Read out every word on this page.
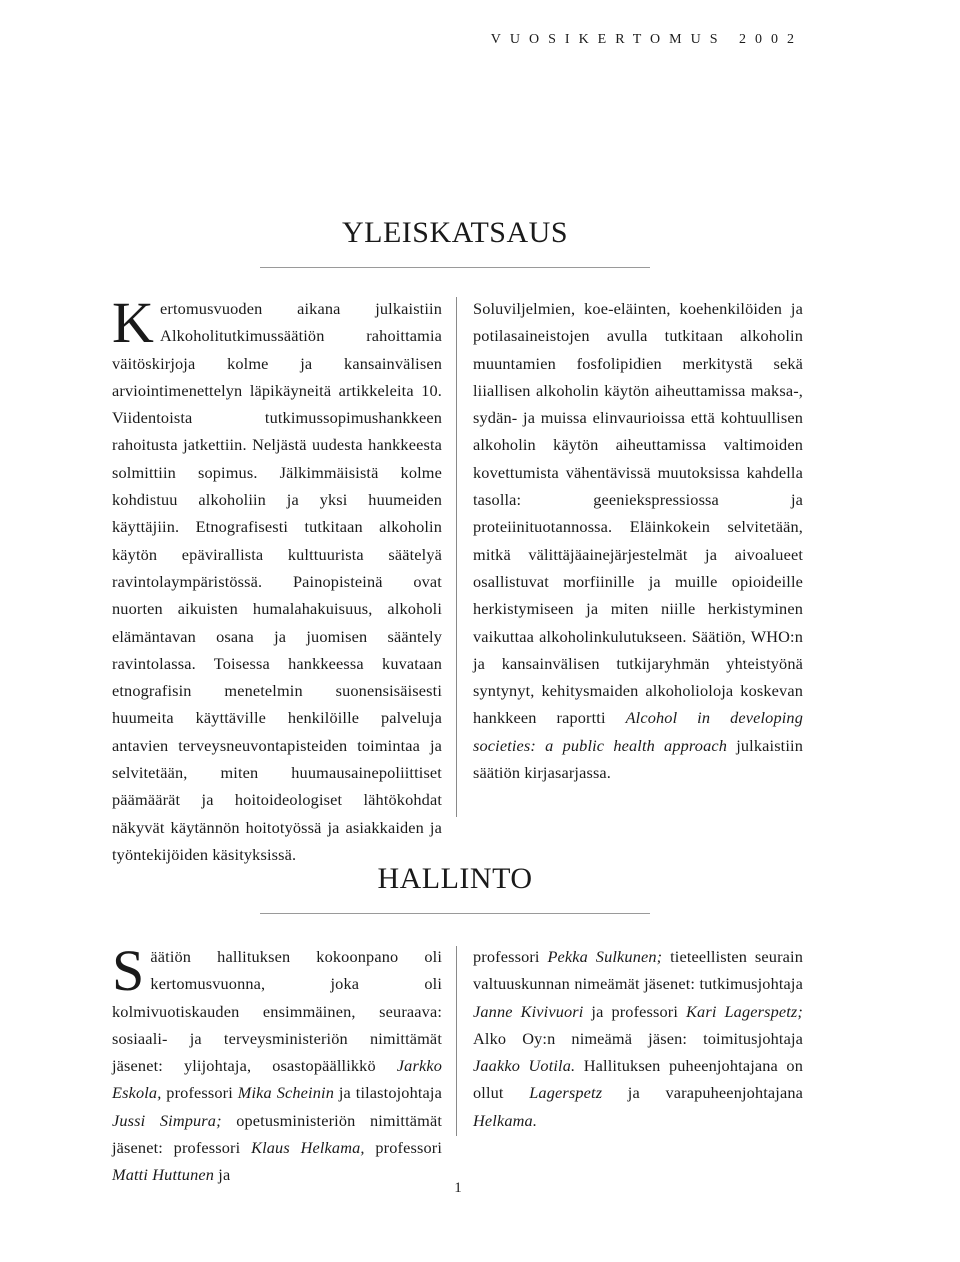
VUOSIKERTOMUS 2002
YLEISKATSAUS
Kertomusvuoden aikana julkaistiin Alkoholitutkimussäätiön rahoittamia väitöskirjoja kolme ja kansainvälisen arviointimenettelyn läpikäyneitä artikkeleita 10. Viidentoista tutkimussopimushankkeen rahoitusta jatkettiin. Neljästä uudesta hankkeesta solmittiin sopimus. Jälkimmäisistä kolme kohdistuu alkoholiin ja yksi huumeiden käyttäjiin. Etnografisesti tutkitaan alkoholin käytön epävirallista kulttuurista säätelyä ravintolaympäristössä. Painopisteinä ovat nuorten aikuisten humalahakuisuus, alkoholi elämäntavan osana ja juomisen sääntely ravintolassa. Toisessa hankkeessa kuvataan etnografisin menetelmin suonensisäisesti huumeita käyttäville henkilöille palveluja antavien terveysneuvontapisteiden toimintaa ja selvitetään, miten huumausainepoliittiset päämäärät ja hoitoideologiset lähtökohdat näkyvät käytännön hoitotyössä ja asiakkaiden ja työntekijöiden käsityksissä.
Soluviljelmien, koe-eläinten, koehenkilöiden ja potilasaineistojen avulla tutkitaan alkoholin muuntamien fosfolipidien merkitystä sekä liiallisen alkoholin käytön aiheuttamissa maksa-, sydän- ja muissa elinvaurioissa että kohtuullisen alkoholin käytön aiheuttamissa valtimoiden kovettumista vähentävissä muutoksissa kahdella tasolla: geeniekspressiossa ja proteiinituotannossa. Eläinkokein selvitetään, mitkä välittäjäainejärjestelmät ja aivoalueet osallistuvat morfiinille ja muille opioideille herkistymiseen ja miten niille herkistyminen vaikuttaa alkoholinkulutukseen. Säätiön, WHO:n ja kansainvälisen tutkijaryhmän yhteistyönä syntynyt, kehitysmaiden alkoholioloja koskevan hankkeen raportti Alcohol in developing societies: a public health approach julkaistiin säätiön kirjasarjassa.
HALLINTO
Säätiön hallituksen kokoonpano oli kertomusvuonna, joka oli kolmivuotiskauden ensimmäinen, seuraava: sosiaali- ja terveysministeriön nimittämät jäsenet: ylijohtaja, osastopäällikkö Jarkko Eskola, professori Mika Scheinin ja tilastojohtaja Jussi Simpura; opetusministeriön nimittämät jäsenet: professori Klaus Helkama, professori Matti Huttunen ja
professori Pekka Sulkunen; tieteellisten seurain valtuuskunnan nimeämät jäsenet: tutkimusjohtaja Janne Kivivuori ja professori Kari Lagerspetz; Alko Oy:n nimeämä jäsen: toimitusjohtaja Jaakko Uotila. Hallituksen puheenjohtajana on ollut Lagerspetz ja varapuheenjohtajana Helkama.
1
